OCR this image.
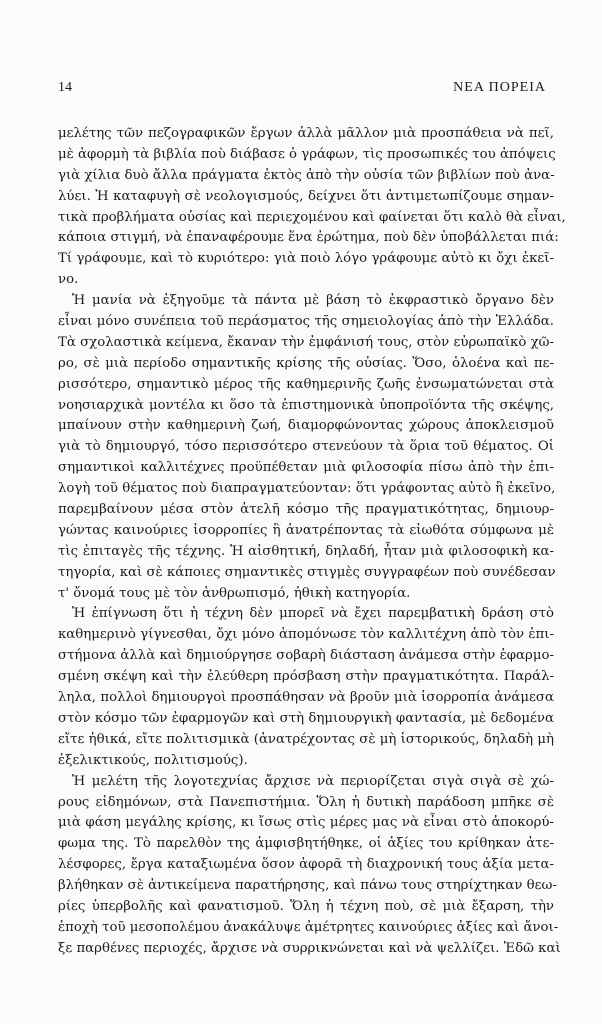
14	ΝΕΑ ΠΟΡΕΙΑ
μελέτης τῶν πεζογραφικῶν ἔργων ἀλλὰ μᾶλλον μιὰ προσπάθεια νὰ πεῖ,
μὲ ἀφορμὴ τὰ βιβλία ποὺ διάβασε ὁ γράφων, τὶς προσωπικές του ἀπόψεις
γιὰ χίλια δυὸ ἄλλα πράγματα ἐκτὸς ἀπὸ τὴν οὐσία τῶν βιβλίων ποὺ ἀνα-
λύει. Ἡ καταφυγὴ σὲ νεολογισμούς, δείχνει ὅτι ἀντιμετωπίζουμε σημαν-
τικὰ προβλήματα οὐσίας καὶ περιεχομένου καὶ φαίνεται ὅτι καλὸ θὰ εἶναι,
κάποια στιγμή, νὰ ἐπαναφέρουμε ἕνα ἐρώτημα, ποὺ δὲν ὑποβάλλεται πιά:
Τί γράφουμε, καὶ τὸ κυριότερο: γιὰ ποιὸ λόγο γράφουμε αὐτὸ κι ὄχι ἐκεῖ-
νο.
Ἡ μανία νὰ ἐξηγοῦμε τὰ πάντα μὲ βάση τὸ ἐκφραστικὸ ὄργανο δὲν
εἶναι μόνο συνέπεια τοῦ περάσματος τῆς σημειολογίας ἀπὸ τὴν Ἑλλάδα.
Τὰ σχολαστικὰ κείμενα, ἔκαναν τὴν ἐμφάνισή τους, στὸν εὐρωπαϊκὸ χῶ-
ρο, σὲ μιὰ περίοδο σημαντικῆς κρίσης τῆς οὐσίας. Ὅσο, ὁλοένα καὶ πε-
ρισσότερο, σημαντικὸ μέρος τῆς καθημερινῆς ζωῆς ἐνσωματώνεται στὰ
νοησιαρχικὰ μοντέλα κι ὅσο τὰ ἐπιστημονικὰ ὑποπροϊόντα τῆς σκέψης,
μπαίνουν στὴν καθημερινὴ ζωή, διαμορφώνοντας χώρους ἀποκλεισμοῦ
γιὰ τὸ δημιουργό, τόσο περισσότερο στενεύουν τὰ ὅρια τοῦ θέματος. Οἱ
σημαντικοὶ καλλιτέχνες προϋπέθεταν μιὰ φιλοσοφία πίσω ἀπὸ τὴν ἐπι-
λογὴ τοῦ θέματος ποὺ διαπραγματεύονταν: ὅτι γράφοντας αὐτὸ ἢ ἐκεῖνο,
παρεμβαίνουν μέσα στὸν ἀτελῆ κόσμο τῆς πραγματικότητας, δημιουρ-
γώντας καινούριες ἰσορροπίες ἢ ἀνατρέποντας τὰ εἰωθότα σύμφωνα μὲ
τὶς ἐπιταγὲς τῆς τέχνης. Ἡ αἰσθητική, δηλαδή, ἦταν μιὰ φιλοσοφικὴ κα-
τηγορία, καὶ σὲ κάποιες σημαντικὲς στιγμὲς συγγραφέων ποὺ συνέδεσαν
τ' ὄνομά τους μὲ τὸν ἀνθρωπισμό, ἠθικὴ κατηγορία.
Ἡ ἐπίγνωση ὅτι ἡ τέχνη δὲν μπορεῖ νὰ ἔχει παρεμβατικὴ δράση στὸ
καθημερινὸ γίγνεσθαι, ὄχι μόνο ἀπομόνωσε τὸν καλλιτέχνη ἀπὸ τὸν ἐπι-
στήμονα ἀλλὰ καὶ δημιούργησε σοβαρὴ διάσταση ἀνάμεσα στὴν ἐφαρμο-
σμένη σκέψη καὶ τὴν ἐλεύθερη πρόσβαση στὴν πραγματικότητα. Παράλ-
ληλα, πολλοὶ δημιουργοὶ προσπάθησαν νὰ βροῦν μιὰ ἰσορροπία ἀνάμεσα
στὸν κόσμο τῶν ἐφαρμογῶν καὶ στὴ δημιουργικὴ φαντασία, μὲ δεδομένα
εἴτε ἠθικά, εἴτε πολιτισμικὰ (ἀνατρέχοντας σὲ μὴ ἱστορικούς, δηλαδὴ μὴ
ἐξελικτικούς, πολιτισμούς).
Ἡ μελέτη τῆς λογοτεχνίας ἄρχισε νὰ περιορίζεται σιγὰ σιγὰ σὲ χώ-
ρους εἰδημόνων, στὰ Πανεπιστήμια. Ὅλη ἡ δυτικὴ παράδοση μπῆκε σὲ
μιὰ φάση μεγάλης κρίσης, κι ἴσως στὶς μέρες μας νὰ εἶναι στὸ ἀποκορύ-
φωμα της. Τὸ παρελθὸν της ἀμφισβητήθηκε, οἱ ἀξίες του κρίθηκαν ἀτε-
λέσφορες, ἔργα καταξιωμένα ὅσον ἀφορᾶ τὴ διαχρονική τους ἀξία μετα-
βλήθηκαν σὲ ἀντικείμενα παρατήρησης, καὶ πάνω τους στηρίχτηκαν θεω-
ρίες ὑπερβολῆς καὶ φανατισμοῦ. Ὅλη ἡ τέχνη ποὺ, σὲ μιὰ ἔξαρση, τὴν
ἐποχὴ τοῦ μεσοπολέμου ἀνακάλυψε ἀμέτρητες καινούριες ἀξίες καὶ ἄνοι-
ξε παρθένες περιοχές, ἄρχισε νὰ συρρικνώνεται καὶ νὰ ψελλίζει. Ἐδῶ καὶ
